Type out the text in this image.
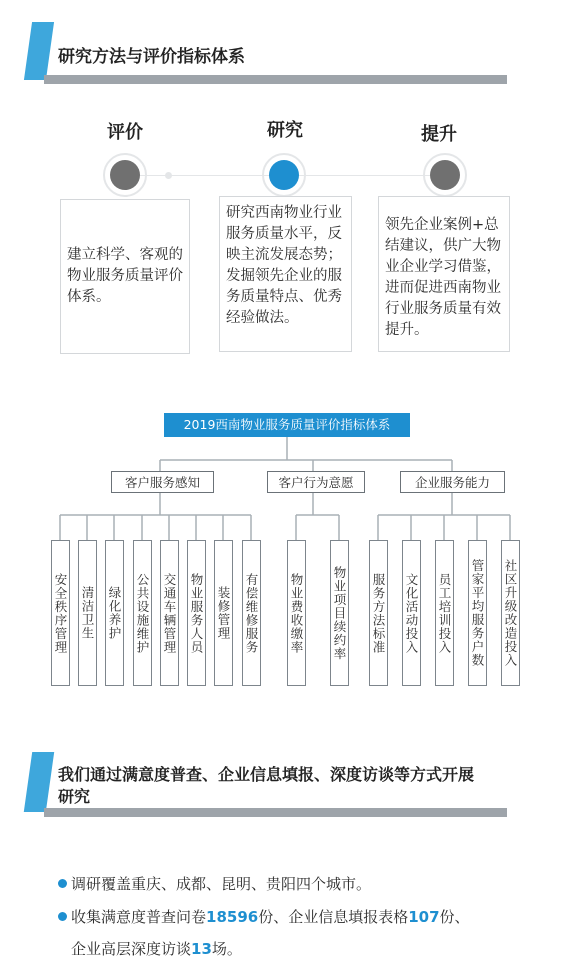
研究方法与评价指标体系
评价	研究	提升
建立科学、客观的物业服务质量评价体系。
研究西南物业行业服务质量水平，反映主流发展态势；
发掘领先企业的服务质量特点、优秀经验做法。
领先企业案例+总结建议，供广大物业企业学习借鉴，进而促进西南物业行业服务质量有效提升。
2019西南物业服务质量评价指标体系
客户服务感知	客户行为意愿	企业服务能力
安全秩序管理 清洁卫生 绿化养护 公共设施维护 交通车辆管理 物业服务人员 装修管理 有偿维修服务 物业费收缴率 物业项目续约率 服务方法标准 文化活动投入 员工培训投入 管家平均服务户数 社区升级改造投入
我们通过满意度普查、企业信息填报、深度访谈等方式开展
研究
调研覆盖重庆、成都、昆明、贵阳四个城市。
收集满意度普查问卷18596份、企业信息填报表格107份、
企业高层深度访谈13场。
